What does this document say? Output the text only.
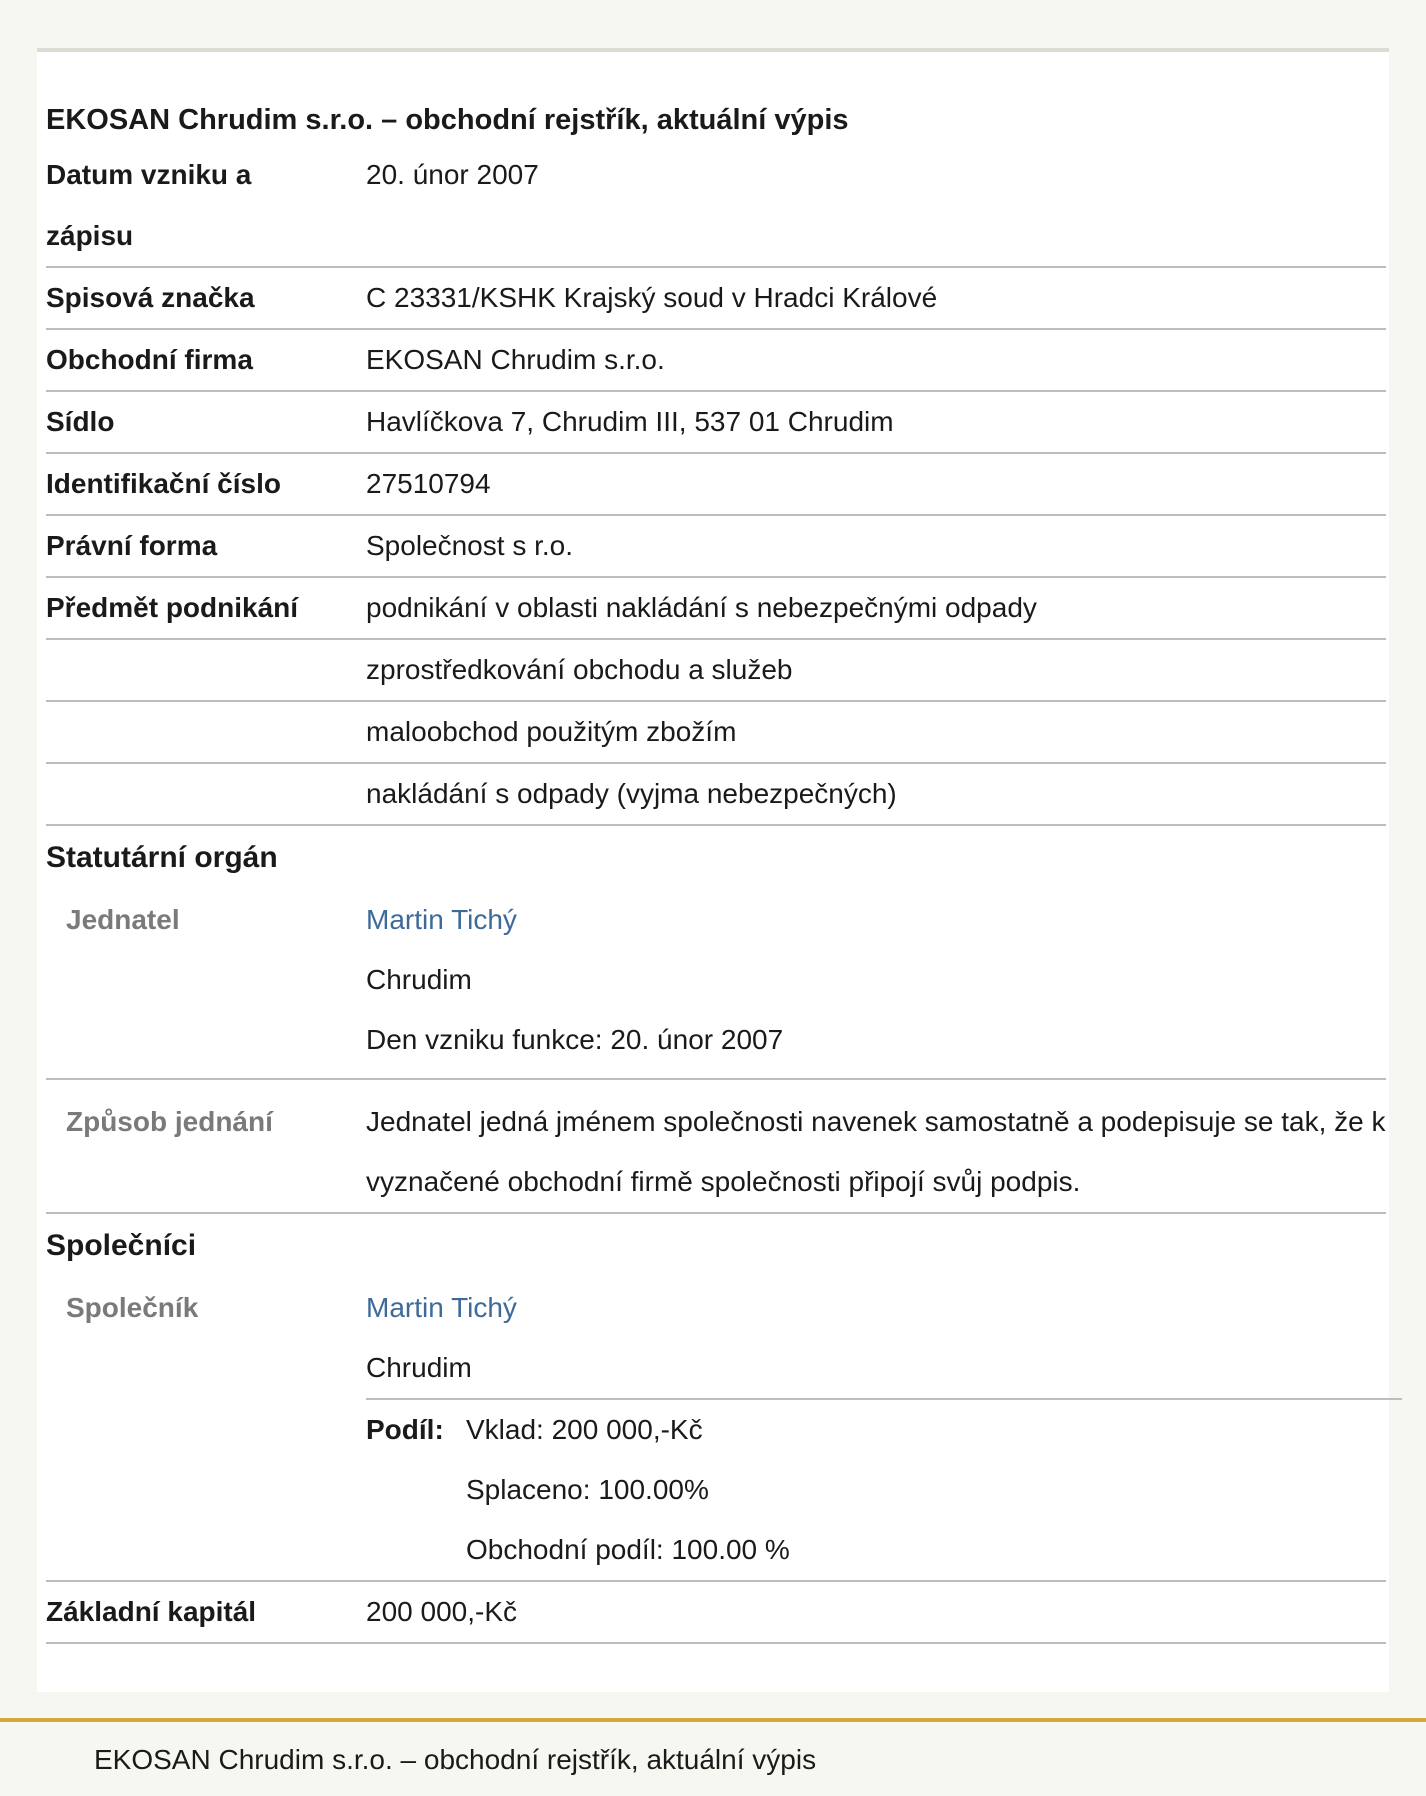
EKOSAN Chrudim s.r.o. – obchodní rejstřík, aktuální výpis
Datum vzniku a zápisu
20. únor 2007
Spisová značka	C 23331/KSHK Krajský soud v Hradci Králové
Obchodní firma	EKOSAN Chrudim s.r.o.
Sídlo	Havlíčkova 7, Chrudim III, 537 01 Chrudim
Identifikační číslo	27510794
Právní forma	Společnost s r.o.
Předmět podnikání	podnikání v oblasti nakládání s nebezpečnými odpady
zprostředkování obchodu a služeb
maloobchod použitým zbožím
nakládání s odpady (vyjma nebezpečných)
Statutární orgán
Jednatel	Martin Tichý
Chrudim
Den vzniku funkce: 20. únor 2007
Způsob jednání	Jednatel jedná jménem společnosti navenek samostatně a podepisuje se tak, že k vyznačené obchodní firmě společnosti připojí svůj podpis.
Společníci
Společník	Martin Tichý
Chrudim
Podíl: Vklad: 200 000,-Kč
Splaceno: 100.00%
Obchodní podíl: 100.00 %
Základní kapitál	200 000,-Kč
EKOSAN Chrudim s.r.o. – obchodní rejstřík, aktuální výpis
